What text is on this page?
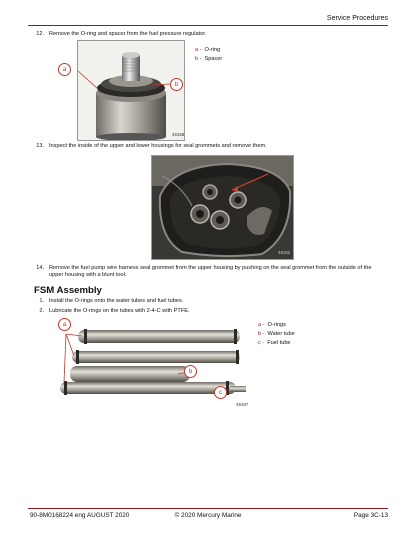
Service Procedures
12. Remove the O-ring and spacer from the fuel pressure regulator.
a
b
49158
a - O-ring
b - Spacer
13. Inspect the inside of the upper and lower housings for seal grommets and remove them.
49152
14. Remove the fuel pump wire harness seal grommet from the upper housing by pushing on the seal grommet from the outside of the upper housing with a blunt tool.
FSM Assembly
1. Install the O-rings onto the water tubes and fuel tubes.
2. Lubricate the O-rings on the tubes with 2-4-C with PTFE.
a
b
c
49187
a - O-rings
b - Water tube
c - Fuel tube
90-8M0168224 eng AUGUST 2020	© 2020 Mercury Marine	Page 3C-13
